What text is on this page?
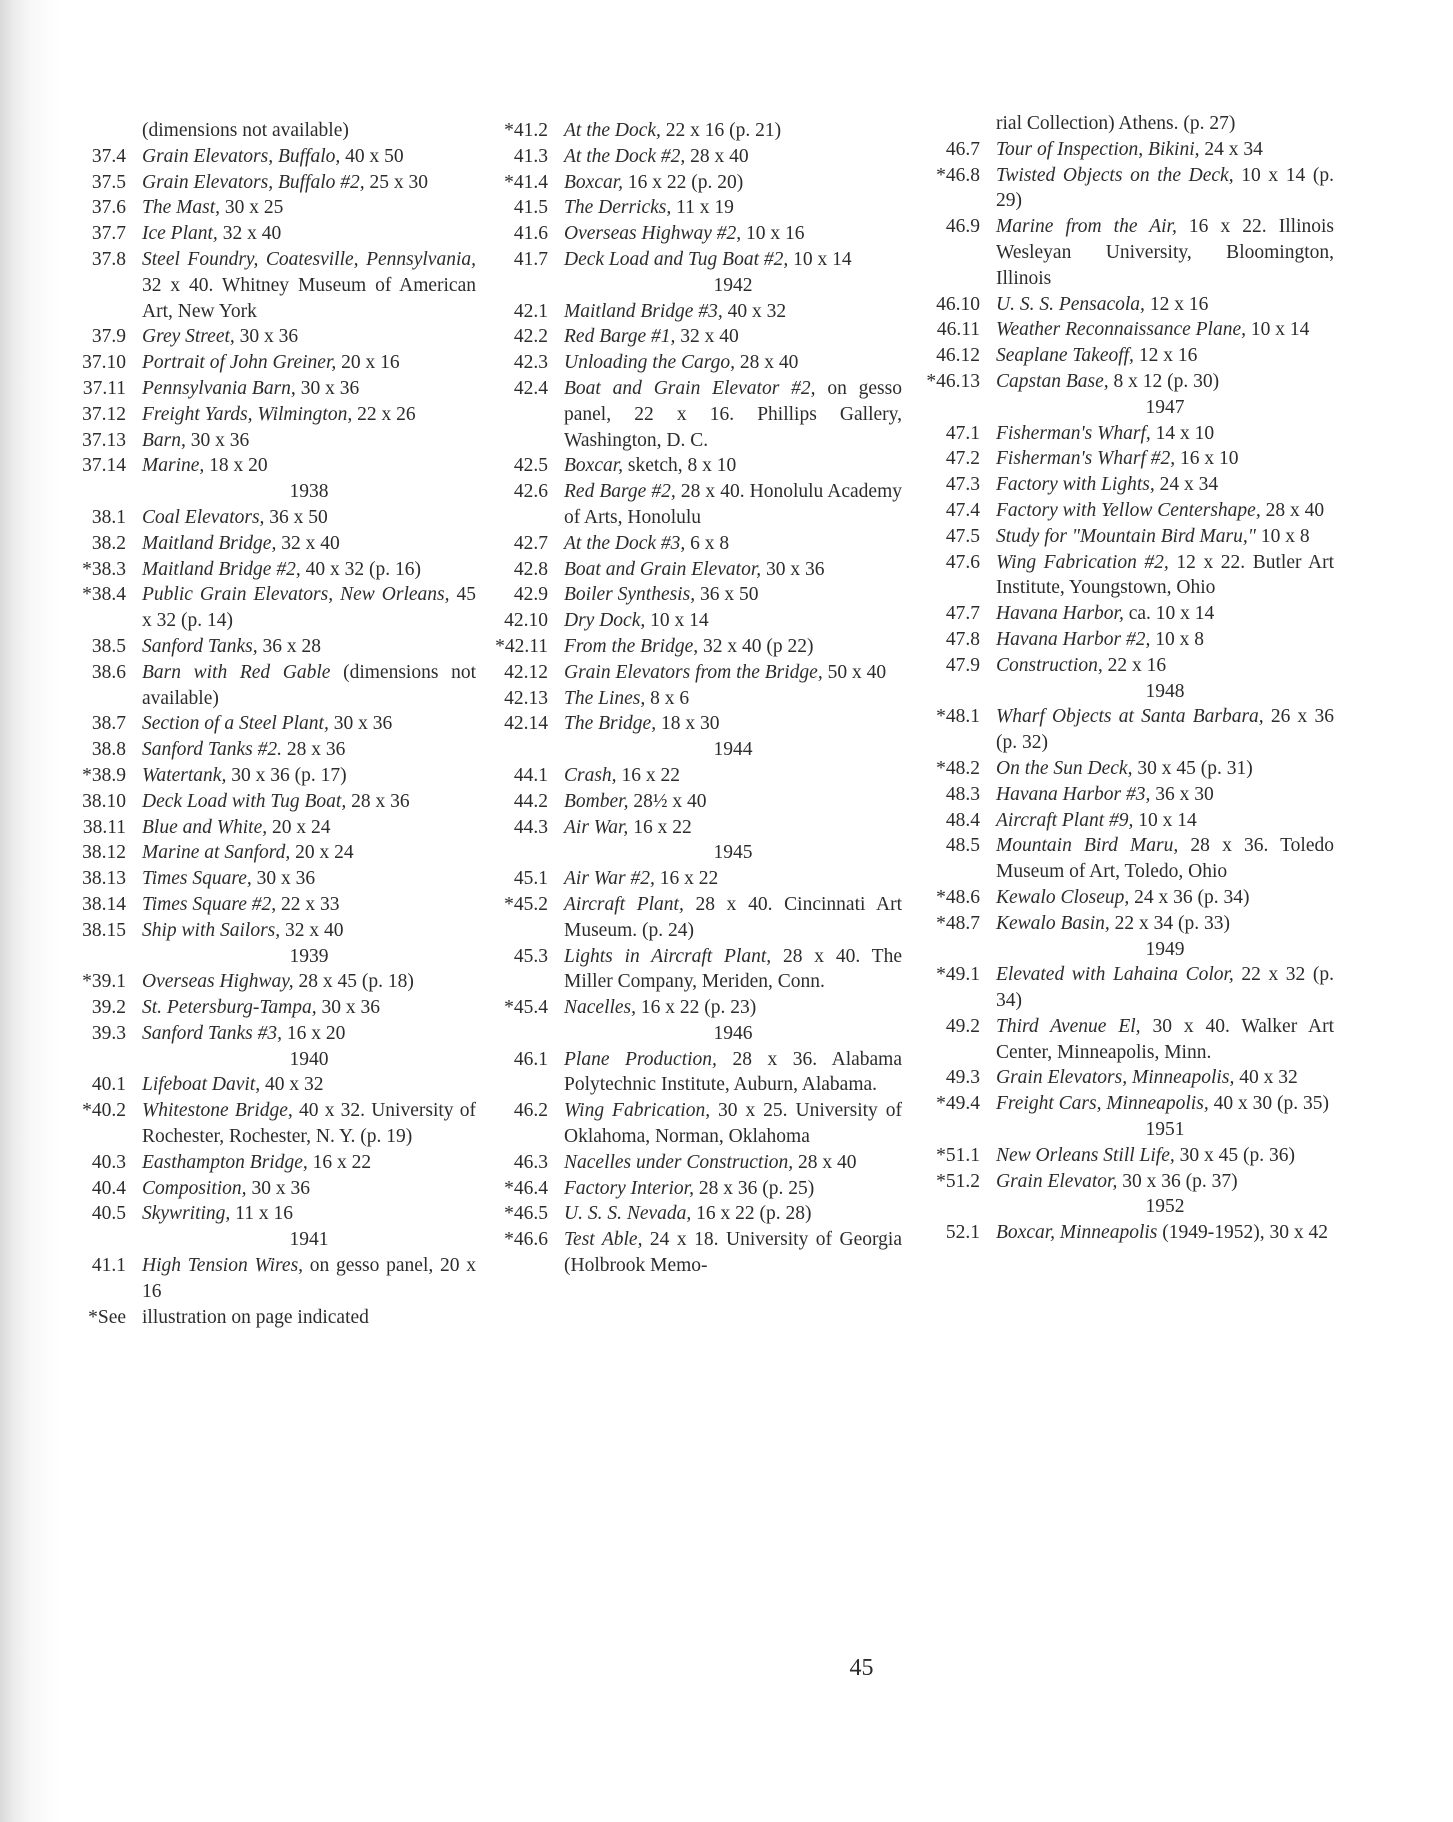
(dimensions not available)
37.4 Grain Elevators, Buffalo, 40 x 50
37.5 Grain Elevators, Buffalo #2, 25 x 30
37.6 The Mast, 30 x 25
37.7 Ice Plant, 32 x 40
37.8 Steel Foundry, Coatesville, Pennsylvania, 32 x 40. Whitney Museum of American Art, New York
37.9 Grey Street, 30 x 36
37.10 Portrait of John Greiner, 20 x 16
37.11 Pennsylvania Barn, 30 x 36
37.12 Freight Yards, Wilmington, 22 x 26
37.13 Barn, 30 x 36
37.14 Marine, 18 x 20
1938
38.1 Coal Elevators, 36 x 50
38.2 Maitland Bridge, 32 x 40
*38.3 Maitland Bridge #2, 40 x 32 (p. 16)
*38.4 Public Grain Elevators, New Orleans, 45 x 32 (p. 14)
38.5 Sanford Tanks, 36 x 28
38.6 Barn with Red Gable (dimensions not available)
38.7 Section of a Steel Plant, 30 x 36
38.8 Sanford Tanks #2. 28 x 36
*38.9 Watertank, 30 x 36 (p. 17)
38.10 Deck Load with Tug Boat, 28 x 36
38.11 Blue and White, 20 x 24
38.12 Marine at Sanford, 20 x 24
38.13 Times Square, 30 x 36
38.14 Times Square #2, 22 x 33
38.15 Ship with Sailors, 32 x 40
1939
*39.1 Overseas Highway, 28 x 45 (p. 18)
39.2 St. Petersburg-Tampa, 30 x 36
39.3 Sanford Tanks #3, 16 x 20
1940
40.1 Lifeboat Davit, 40 x 32
*40.2 Whitestone Bridge, 40 x 32. University of Rochester, Rochester, N. Y. (p. 19)
40.3 Easthampton Bridge, 16 x 22
40.4 Composition, 30 x 36
40.5 Skywriting, 11 x 16
1941
41.1 High Tension Wires, on gesso panel, 20 x 16
*See illustration on page indicated
*41.2 At the Dock, 22 x 16 (p. 21)
41.3 At the Dock #2, 28 x 40
*41.4 Boxcar, 16 x 22 (p. 20)
41.5 The Derricks, 11 x 19
41.6 Overseas Highway #2, 10 x 16
41.7 Deck Load and Tug Boat #2, 10 x 14
1942
42.1 Maitland Bridge #3, 40 x 32
42.2 Red Barge #1, 32 x 40
42.3 Unloading the Cargo, 28 x 40
42.4 Boat and Grain Elevator #2, on gesso panel, 22 x 16. Phillips Gallery, Washington, D. C.
42.5 Boxcar, sketch, 8 x 10
42.6 Red Barge #2, 28 x 40. Honolulu Academy of Arts, Honolulu
42.7 At the Dock #3, 6 x 8
42.8 Boat and Grain Elevator, 30 x 36
42.9 Boiler Synthesis, 36 x 50
42.10 Dry Dock, 10 x 14
*42.11 From the Bridge, 32 x 40 (p 22)
42.12 Grain Elevators from the Bridge, 50 x 40
42.13 The Lines, 8 x 6
42.14 The Bridge, 18 x 30
1944
44.1 Crash, 16 x 22
44.2 Bomber, 28½ x 40
44.3 Air War, 16 x 22
1945
45.1 Air War #2, 16 x 22
*45.2 Aircraft Plant, 28 x 40. Cincinnati Art Museum. (p. 24)
45.3 Lights in Aircraft Plant, 28 x 40. The Miller Company, Meriden, Conn.
*45.4 Nacelles, 16 x 22 (p. 23)
1946
46.1 Plane Production, 28 x 36. Alabama Polytechnic Institute, Auburn, Alabama.
46.2 Wing Fabrication, 30 x 25. University of Oklahoma, Norman, Oklahoma
46.3 Nacelles under Construction, 28 x 40
*46.4 Factory Interior, 28 x 36 (p. 25)
*46.5 U. S. S. Nevada, 16 x 22 (p. 28)
*46.6 Test Able, 24 x 18. University of Georgia (Holbrook Memo-
rial Collection) Athens. (p. 27)
46.7 Tour of Inspection, Bikini, 24 x 34
*46.8 Twisted Objects on the Deck, 10 x 14 (p. 29)
46.9 Marine from the Air, 16 x 22. Illinois Wesleyan University, Bloomington, Illinois
46.10 U. S. S. Pensacola, 12 x 16
46.11 Weather Reconnaissance Plane, 10 x 14
46.12 Seaplane Takeoff, 12 x 16
*46.13 Capstan Base, 8 x 12 (p. 30)
1947
47.1 Fisherman's Wharf, 14 x 10
47.2 Fisherman's Wharf #2, 16 x 10
47.3 Factory with Lights, 24 x 34
47.4 Factory with Yellow Centershape, 28 x 40
47.5 Study for "Mountain Bird Maru," 10 x 8
47.6 Wing Fabrication #2, 12 x 22. Butler Art Institute, Youngstown, Ohio
47.7 Havana Harbor, ca. 10 x 14
47.8 Havana Harbor #2, 10 x 8
47.9 Construction, 22 x 16
1948
*48.1 Wharf Objects at Santa Barbara, 26 x 36 (p. 32)
*48.2 On the Sun Deck, 30 x 45 (p. 31)
48.3 Havana Harbor #3, 36 x 30
48.4 Aircraft Plant #9, 10 x 14
48.5 Mountain Bird Maru, 28 x 36. Toledo Museum of Art, Toledo, Ohio
*48.6 Kewalo Closeup, 24 x 36 (p. 34)
*48.7 Kewalo Basin, 22 x 34 (p. 33)
1949
*49.1 Elevated with Lahaina Color, 22 x 32 (p. 34)
49.2 Third Avenue El, 30 x 40. Walker Art Center, Minneapolis, Minn.
49.3 Grain Elevators, Minneapolis, 40 x 32
*49.4 Freight Cars, Minneapolis, 40 x 30 (p. 35)
1951
*51.1 New Orleans Still Life, 30 x 45 (p. 36)
*51.2 Grain Elevator, 30 x 36 (p. 37)
1952
52.1 Boxcar, Minneapolis (1949-1952), 30 x 42
45
